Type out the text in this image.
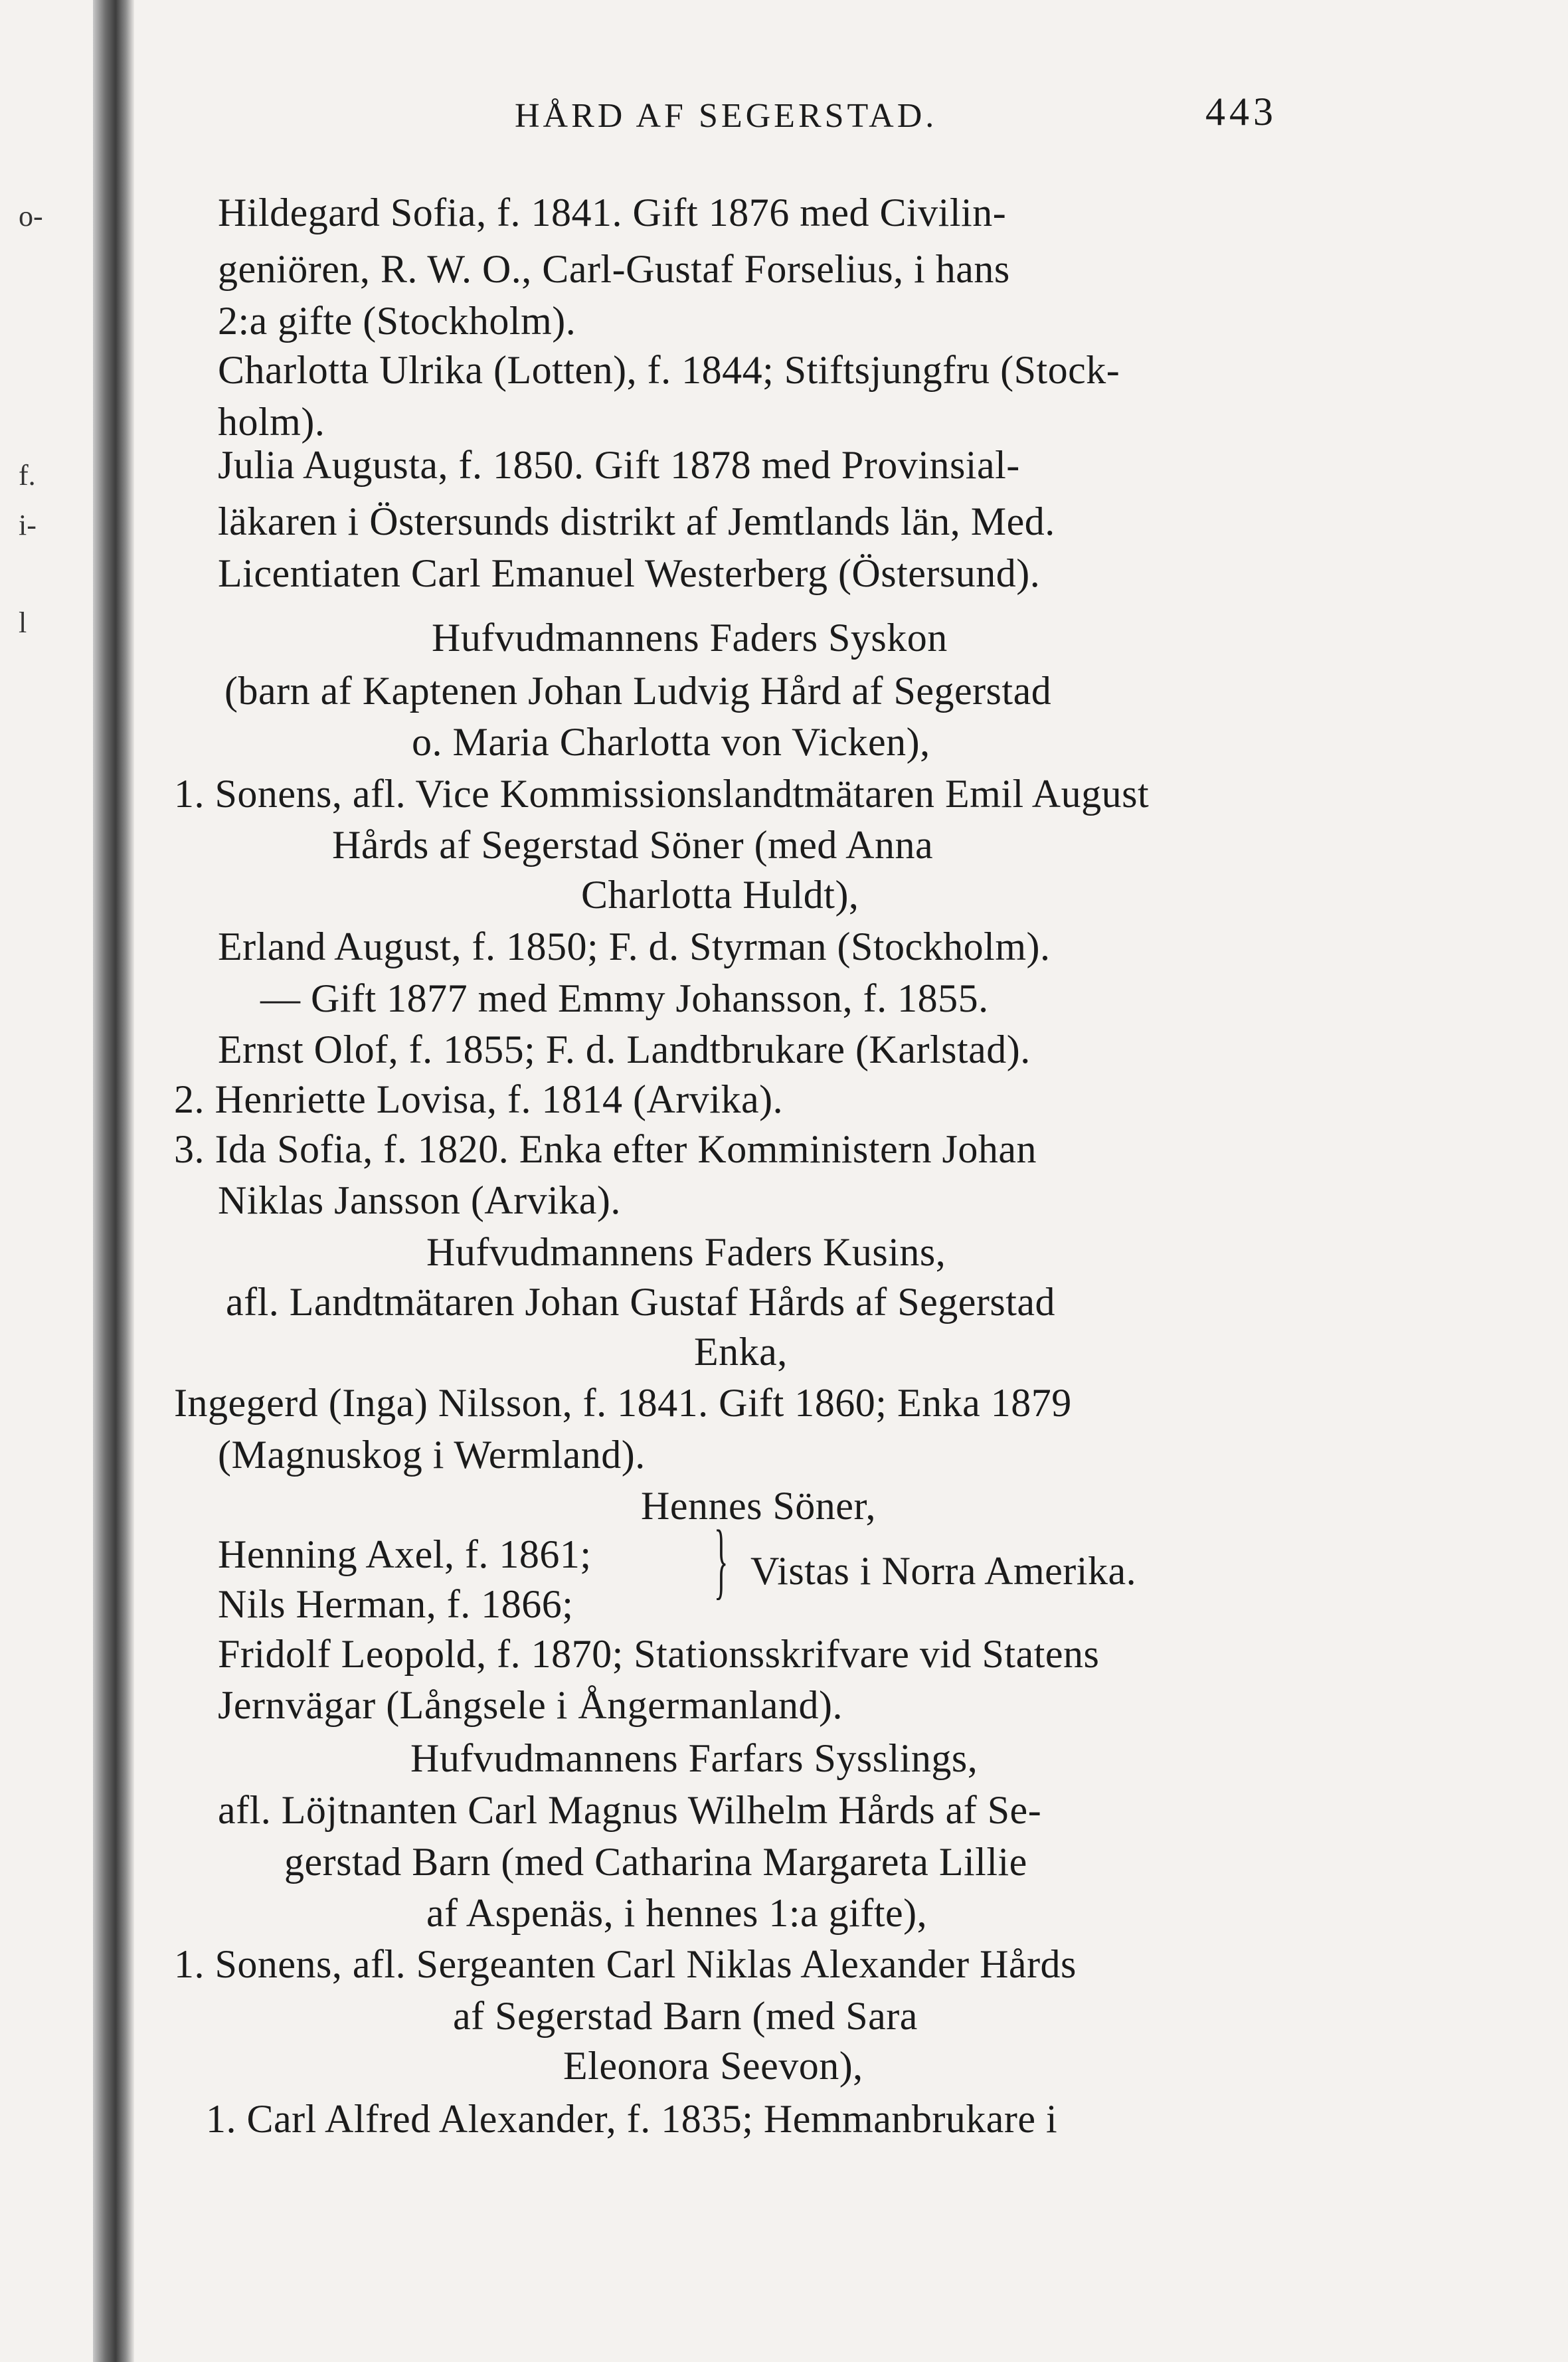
o-
f.
i-
l
HÅRD AF SEGERSTAD.	443
Hildegard Sofia, f. 1841. Gift 1876 med Civilin-
geniören, R. W. O., Carl-Gustaf Forselius, i hans
2:a gifte (Stockholm).
Charlotta Ulrika (Lotten), f. 1844; Stiftsjungfru (Stock-
holm).
Julia Augusta, f. 1850. Gift 1878 med Provinsial-
läkaren i Östersunds distrikt af Jemtlands län, Med.
Licentiaten Carl Emanuel Westerberg (Östersund).
Hufvudmannens Faders Syskon
(barn af Kaptenen Johan Ludvig Hård af Segerstad
o. Maria Charlotta von Vicken),
1. Sonens, afl. Vice Kommissionslandtmätaren Emil August
Hårds af Segerstad Söner (med Anna
Charlotta Huldt),
Erland August, f. 1850; F. d. Styrman (Stockholm).
— Gift 1877 med Emmy Johansson, f. 1855.
Ernst Olof, f. 1855; F. d. Landtbrukare (Karlstad).
2. Henriette Lovisa, f. 1814 (Arvika).
3. Ida Sofia, f. 1820. Enka efter Komministern Johan
Niklas Jansson (Arvika).
Hufvudmannens Faders Kusins,
afl. Landtmätaren Johan Gustaf Hårds af Segerstad
Enka,
Ingegerd (Inga) Nilsson, f. 1841. Gift 1860; Enka 1879
(Magnuskog i Wermland).
Hennes Söner,
Henning Axel, f. 1861;
Nils Herman, f. 1866; } Vistas i Norra Amerika.
Fridolf Leopold, f. 1870; Stationsskrifvare vid Statens
Jernvägar (Långsele i Ångermanland).
Hufvudmannens Farfars Sysslings,
afl. Löjtnanten Carl Magnus Wilhelm Hårds af Se-
gerstad Barn (med Catharina Margareta Lillie
af Aspenäs, i hennes 1:a gifte),
1. Sonens, afl. Sergeanten Carl Niklas Alexander Hårds
af Segerstad Barn (med Sara
Eleonora Seevon),
1. Carl Alfred Alexander, f. 1835; Hemmanbrukare i
